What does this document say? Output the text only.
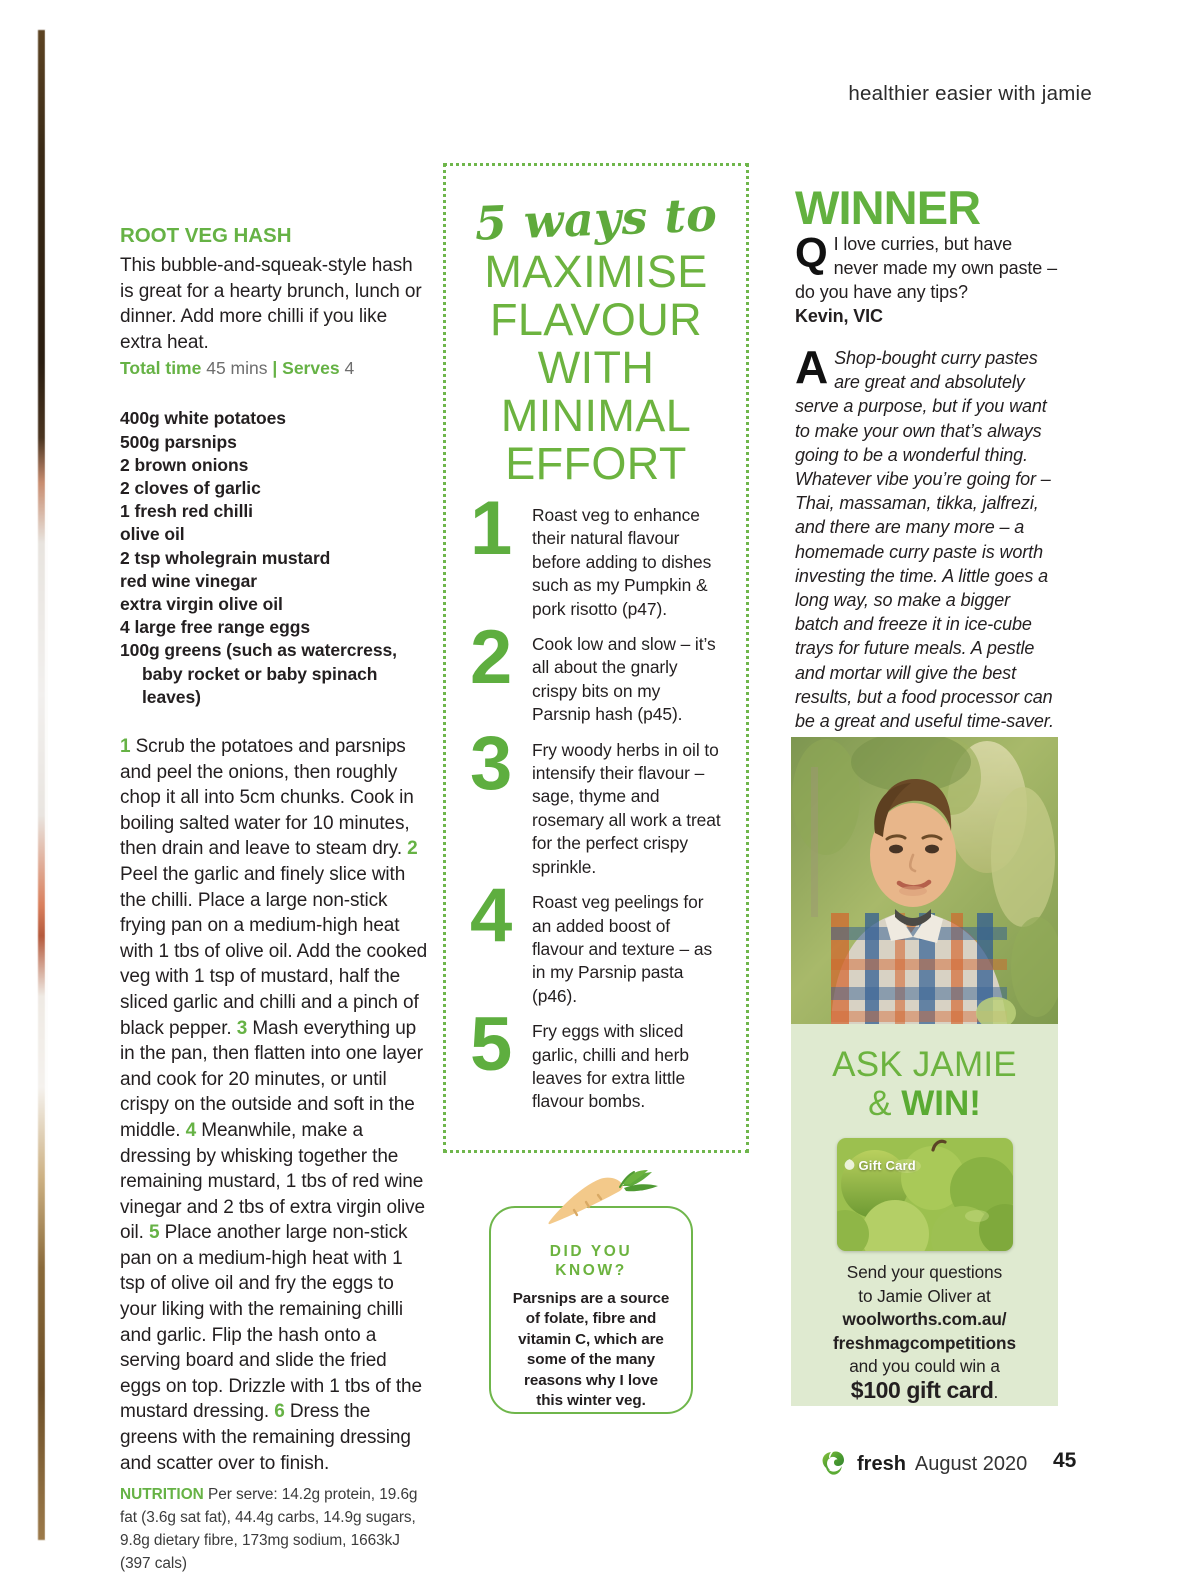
healthier easier with jamie
ROOT VEG HASH

This bubble-and-squeak-style hash is great for a hearty brunch, lunch or dinner. Add more chilli if you like extra heat.

Total time 45 mins | Serves 4
400g white potatoes
500g parsnips
2 brown onions
2 cloves of garlic
1 fresh red chilli
olive oil
2 tsp wholegrain mustard
red wine vinegar
extra virgin olive oil
4 large free range eggs
100g greens (such as watercress,
baby rocket or baby spinach leaves)
1 Scrub the potatoes and parsnips and peel the onions, then roughly chop it all into 5cm chunks. Cook in boiling salted water for 10 minutes, then drain and leave to steam dry. 2 Peel the garlic and finely slice with the chilli. Place a large non-stick frying pan on a medium-high heat with 1 tbs of olive oil. Add the cooked veg with 1 tsp of mustard, half the sliced garlic and chilli and a pinch of black pepper. 3 Mash everything up in the pan, then flatten into one layer and cook for 20 minutes, or until crispy on the outside and soft in the middle. 4 Meanwhile, make a dressing by whisking together the remaining mustard, 1 tbs of red wine vinegar and 2 tbs of extra virgin olive oil. 5 Place another large non-stick pan on a medium-high heat with 1 tsp of olive oil and fry the eggs to your liking with the remaining chilli and garlic. Flip the hash onto a serving board and slide the fried eggs on top. Drizzle with 1 tbs of the mustard dressing. 6 Dress the greens with the remaining dressing and scatter over to finish.
NUTRITION Per serve: 14.2g protein, 19.6g fat (3.6g sat fat), 44.4g carbs, 14.9g sugars, 9.8g dietary fibre, 173mg sodium, 1663kJ (397 cals)
5 ways to
MAXIMISE FLAVOUR WITH MINIMAL EFFORT
1	Roast veg to enhance their natural flavour before adding to dishes such as my Pumpkin & pork risotto (p47).
2	Cook low and slow – it’s all about the gnarly crispy bits on my Parsnip hash (p45).
3	Fry woody herbs in oil to intensify their flavour – sage, thyme and rosemary all work a treat for the perfect crispy sprinkle.
4	Roast veg peelings for an added boost of flavour and texture – as in my Parsnip pasta (p46).
5	Fry eggs with sliced garlic, chilli and herb leaves for extra little flavour bombs.
DID YOU
KNOW?
Parsnips are a source of folate, fibre and vitamin C, which are some of the many reasons why I love this winter veg.
WINNER
Q I love curries, but have never made my own paste – do you have any tips?
Kevin, VIC
A Shop-bought curry pastes are great and absolutely serve a purpose, but if you want to make your own that’s always going to be a wonderful thing. Whatever vibe you’re going for – Thai, massaman, tikka, jalfrezi, and there are many more – a homemade curry paste is worth investing the time. A little goes a long way, so make a bigger batch and freeze it in ice-cube trays for future meals. A pestle and mortar will give the best results, but a food processor can be a great and useful time-saver.
ASK JAMIE
& WIN!
Gift Card
Send your questions
to Jamie Oliver at
woolworths.com.au/
freshmagcompetitions
and you could win a
$100 gift card.
fresh August 2020 45
